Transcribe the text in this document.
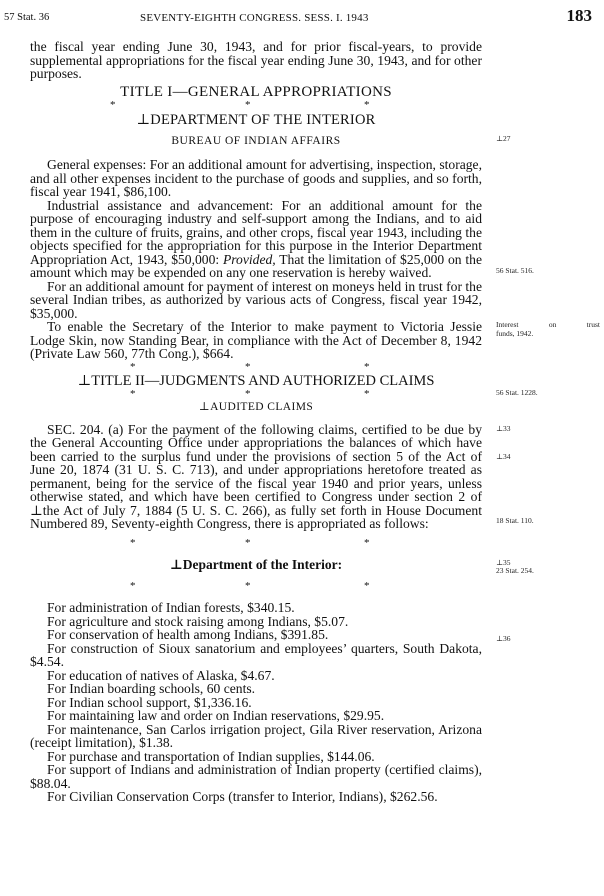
57 Stat. 36	SEVENTY-EIGHTH CONGRESS. SESS. I. 1943	183

the fiscal year ending June 30, 1943, and for prior fiscal-years, to provide supplemental appropriations for the fiscal year ending June 30, 1943, and for other purposes.

TITLE I—GENERAL APPROPRIATIONS
*	*	*
⊥DEPARTMENT OF THE INTERIOR
BUREAU OF INDIAN AFFAIRS

General expenses: For an additional amount for advertising, inspection, storage, and all other expenses incident to the purchase of goods and supplies, and so forth, fiscal year 1941, $86,100.

Industrial assistance and advancement: For an additional amount for the purpose of encouraging industry and self-support among the Indians, and to aid them in the culture of fruits, grains, and other crops, fiscal year 1943, including the objects specified for the appropriation for this purpose in the Interior Department Appropriation Act, 1943, $50,000: Provided, That the limitation of $25,000 on the amount which may be expended on any one reservation is hereby waived.

For an additional amount for payment of interest on moneys held in trust for the several Indian tribes, as authorized by various acts of Congress, fiscal year 1942, $35,000.

To enable the Secretary of the Interior to make payment to Victoria Jessie Lodge Skin, now Standing Bear, in compliance with the Act of December 8, 1942 (Private Law 560, 77th Cong.), $664.

*	*	*
⊥TITLE II—JUDGMENTS AND AUTHORIZED CLAIMS
*	*	*
⊥AUDITED CLAIMS

SEC. 204. (a) For the payment of the following claims, certified to be due by the General Accounting Office under appropriations the balances of which have been carried to the surplus fund under the provisions of section 5 of the Act of June 20, 1874 (31 U. S. C. 713), and under appropriations heretofore treated as permanent, being for the service of the fiscal year 1940 and prior years, unless otherwise stated, and which have been certified to Congress under section 2 of ⊥the Act of July 7, 1884 (5 U. S. C. 266), as fully set forth in House Document Numbered 89, Seventy-eighth Congress, there is appropriated as follows:

*	*	*
⊥Department of the Interior:
*	*	*

For administration of Indian forests, $340.15.

For agriculture and stock raising among Indians, $5.07.

For conservation of health among Indians, $391.85.

For construction of Sioux sanatorium and employees’ quarters, South Dakota, $4.54.

For education of natives of Alaska, $4.67.

For Indian boarding schools, 60 cents.

For Indian school support, $1,336.16.

For maintaining law and order on Indian reservations, $29.95.

For maintenance, San Carlos irrigation project, Gila River reservation, Arizona (receipt limitation), $1.38.

For purchase and transportation of Indian supplies, $144.06.

For support of Indians and administration of Indian property (certified claims), $88.04.

For Civilian Conservation Corps (transfer to Interior, Indians), $262.56.

⊥27
56 Stat. 516.
Interest on trust
funds, 1942.
56 Stat. 1228.
⊥33
⊥34
18 Stat. 110.
⊥35
23 Stat. 254.
⊥36
